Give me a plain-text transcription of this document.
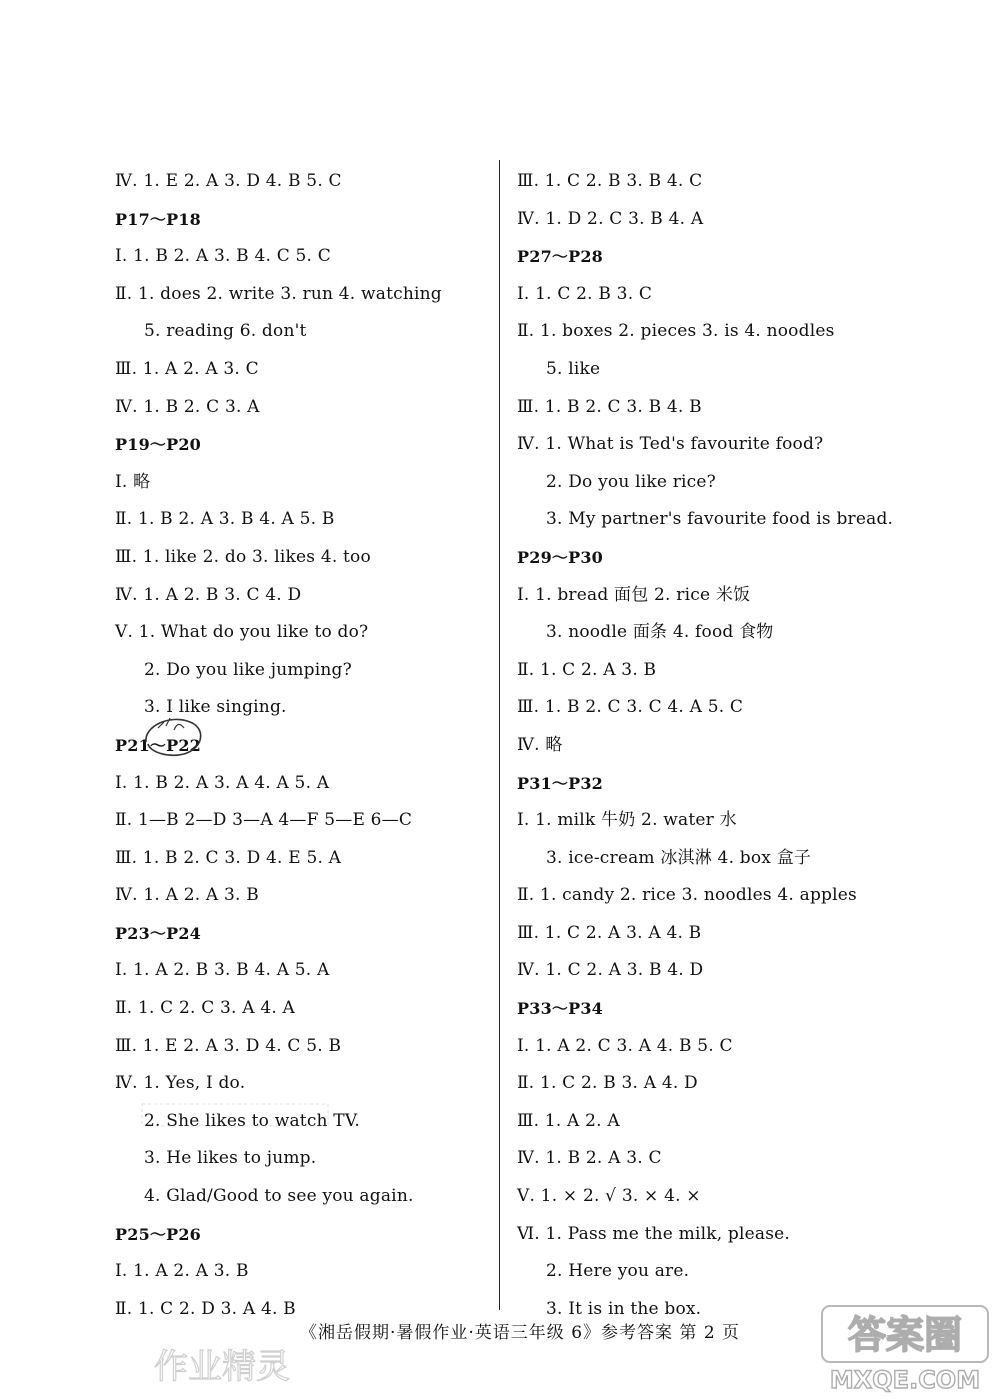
Ⅳ. 1. E 2. A 3. D 4. B 5. C
P17～P18
Ⅰ. 1. B 2. A 3. B 4. C 5. C
Ⅱ. 1. does 2. write 3. run 4. watching
5. reading 6. don't
Ⅲ. 1. A 2. A 3. C
Ⅳ. 1. B 2. C 3. A
P19～P20
Ⅰ. 略
Ⅱ. 1. B 2. A 3. B 4. A 5. B
Ⅲ. 1. like 2. do 3. likes 4. too
Ⅳ. 1. A 2. B 3. C 4. D
Ⅴ. 1. What do you like to do?
2. Do you like jumping?
3. I like singing.
P21～P22
Ⅰ. 1. B 2. A 3. A 4. A 5. A
Ⅱ. 1—B 2—D 3—A 4—F 5—E 6—C
Ⅲ. 1. B 2. C 3. D 4. E 5. A
Ⅳ. 1. A 2. A 3. B
P23～P24
Ⅰ. 1. A 2. B 3. B 4. A 5. A
Ⅱ. 1. C 2. C 3. A 4. A
Ⅲ. 1. E 2. A 3. D 4. C 5. B
Ⅳ. 1. Yes, I do.
2. She likes to watch TV.
3. He likes to jump.
4. Glad/Good to see you again.
P25～P26
Ⅰ. 1. A 2. A 3. B
Ⅱ. 1. C 2. D 3. A 4. B
Ⅲ. 1. C 2. B 3. B 4. C
Ⅳ. 1. D 2. C 3. B 4. A
P27～P28
Ⅰ. 1. C 2. B 3. C
Ⅱ. 1. boxes 2. pieces 3. is 4. noodles
5. like
Ⅲ. 1. B 2. C 3. B 4. B
Ⅳ. 1. What is Ted's favourite food?
2. Do you like rice?
3. My partner's favourite food is bread.
P29～P30
Ⅰ. 1. bread 面包 2. rice 米饭
3. noodle 面条 4. food 食物
Ⅱ. 1. C 2. A 3. B
Ⅲ. 1. B 2. C 3. C 4. A 5. C
Ⅳ. 略
P31～P32
Ⅰ. 1. milk 牛奶 2. water 水
3. ice-cream 冰淇淋 4. box 盒子
Ⅱ. 1. candy 2. rice 3. noodles 4. apples
Ⅲ. 1. C 2. A 3. A 4. B
Ⅳ. 1. C 2. A 3. B 4. D
P33～P34
Ⅰ. 1. A 2. C 3. A 4. B 5. C
Ⅱ. 1. C 2. B 3. A 4. D
Ⅲ. 1. A 2. A
Ⅳ. 1. B 2. A 3. C
Ⅴ. 1. × 2. √ 3. × 4. ×
Ⅵ. 1. Pass me the milk, please.
2. Here you are.
3. It is in the box.
《湘岳假期·暑假作业·英语三年级 6》参考答案 第 2 页
作业精灵
答案圈
MXQE.COM
